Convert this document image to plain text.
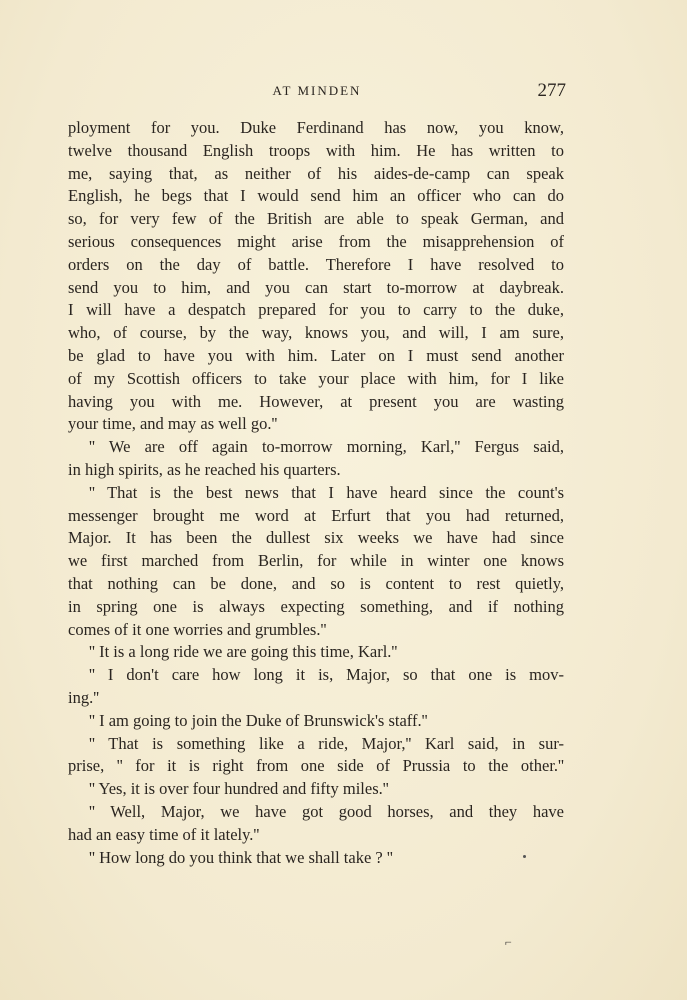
AT MINDEN	277
ployment for you. Duke Ferdinand has now, you know,
twelve thousand English troops with him. He has written to
me, saying that, as neither of his aides-de-camp can speak
English, he begs that I would send him an officer who can do
so, for very few of the British are able to speak German, and
serious consequences might arise from the misapprehension of
orders on the day of battle. Therefore I have resolved to
send you to him, and you can start to-morrow at daybreak.
I will have a despatch prepared for you to carry to the duke,
who, of course, by the way, knows you, and will, I am sure,
be glad to have you with him. Later on I must send another
of my Scottish officers to take your place with him, for I like
having you with me. However, at present you are wasting
your time, and may as well go.''
'' We are off again to-morrow morning, Karl,'' Fergus said,
in high spirits, as he reached his quarters.
'' That is the best news that I have heard since the count's
messenger brought me word at Erfurt that you had returned,
Major. It has been the dullest six weeks we have had since
we first marched from Berlin, for while in winter one knows
that nothing can be done, and so is content to rest quietly,
in spring one is always expecting something, and if nothing
comes of it one worries and grumbles.''
'' It is a long ride we are going this time, Karl.''
'' I don't care how long it is, Major, so that one is mov-
ing.''
'' I am going to join the Duke of Brunswick's staff.''
'' That is something like a ride, Major,'' Karl said, in sur-
prise, '' for it is right from one side of Prussia to the other.''
'' Yes, it is over four hundred and fifty miles.''
'' Well, Major, we have got good horses, and they have
had an easy time of it lately.''
'' How long do you think that we shall take ? ''
⌐
